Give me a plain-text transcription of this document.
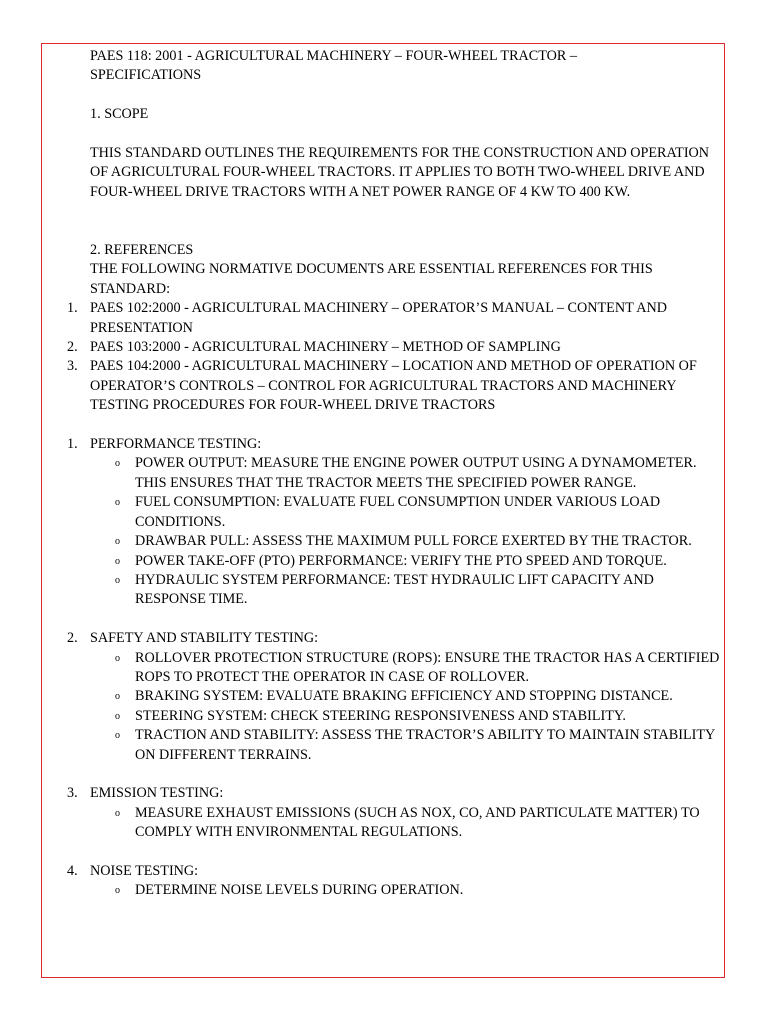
PAES 118: 2001 - AGRICULTURAL MACHINERY – FOUR-WHEEL TRACTOR –

SPECIFICATIONS

1. SCOPE

THIS STANDARD OUTLINES THE REQUIREMENTS FOR THE CONSTRUCTION AND OPERATION OF AGRICULTURAL FOUR-WHEEL TRACTORS. IT APPLIES TO BOTH TWO-WHEEL DRIVE AND FOUR-WHEEL DRIVE TRACTORS WITH A NET POWER RANGE OF 4 KW TO 400 KW.

2. REFERENCES

THE FOLLOWING NORMATIVE DOCUMENTS ARE ESSENTIAL REFERENCES FOR THIS STANDARD:

1. PAES 102:2000 - AGRICULTURAL MACHINERY – OPERATOR’S MANUAL – CONTENT AND PRESENTATION

2. PAES 103:2000 - AGRICULTURAL MACHINERY – METHOD OF SAMPLING

3. PAES 104:2000 - AGRICULTURAL MACHINERY – LOCATION AND METHOD OF OPERATION OF OPERATOR’S CONTROLS – CONTROL FOR AGRICULTURAL TRACTORS AND MACHINERY

TESTING PROCEDURES FOR FOUR-WHEEL DRIVE TRACTORS

1. PERFORMANCE TESTING:

o POWER OUTPUT: MEASURE THE ENGINE POWER OUTPUT USING A DYNAMOMETER. THIS ENSURES THAT THE TRACTOR MEETS THE SPECIFIED POWER RANGE.

o FUEL CONSUMPTION: EVALUATE FUEL CONSUMPTION UNDER VARIOUS LOAD CONDITIONS.

o DRAWBAR PULL: ASSESS THE MAXIMUM PULL FORCE EXERTED BY THE TRACTOR.

o POWER TAKE-OFF (PTO) PERFORMANCE: VERIFY THE PTO SPEED AND TORQUE.

o HYDRAULIC SYSTEM PERFORMANCE: TEST HYDRAULIC LIFT CAPACITY AND RESPONSE TIME.

2. SAFETY AND STABILITY TESTING:

o ROLLOVER PROTECTION STRUCTURE (ROPS): ENSURE THE TRACTOR HAS A CERTIFIED ROPS TO PROTECT THE OPERATOR IN CASE OF ROLLOVER.

o BRAKING SYSTEM: EVALUATE BRAKING EFFICIENCY AND STOPPING DISTANCE.

o STEERING SYSTEM: CHECK STEERING RESPONSIVENESS AND STABILITY.

o TRACTION AND STABILITY: ASSESS THE TRACTOR’S ABILITY TO MAINTAIN STABILITY ON DIFFERENT TERRAINS.

3. EMISSION TESTING:

o MEASURE EXHAUST EMISSIONS (SUCH AS NOX, CO, AND PARTICULATE MATTER) TO COMPLY WITH ENVIRONMENTAL REGULATIONS.

4. NOISE TESTING:

o DETERMINE NOISE LEVELS DURING OPERATION.
